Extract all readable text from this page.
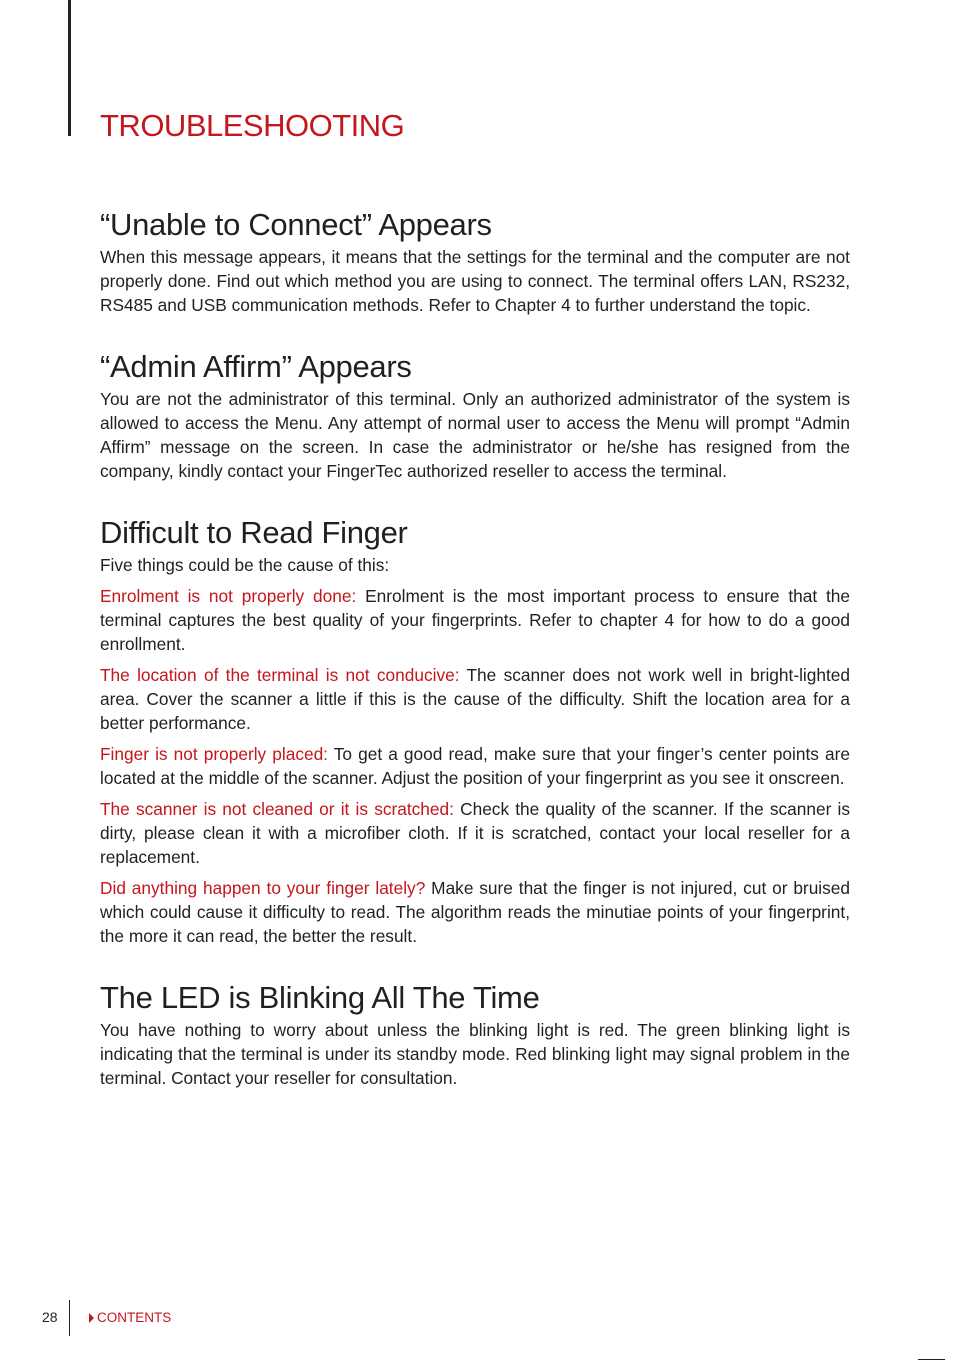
TROUBLESHOOTING
“Unable to Connect” Appears

When this message appears, it means that the settings for the terminal and the computer are not properly done. Find out which method you are using to connect. The terminal offers LAN, RS232, RS485 and USB communication methods. Refer to Chapter 4 to further understand the topic.

“Admin Affirm” Appears

You are not the administrator of this terminal. Only an authorized administrator of the system is allowed to access the Menu. Any attempt of normal user to access the Menu will prompt “Admin Affirm” message on the screen. In case the administrator or he/she has resigned from the company, kindly contact your FingerTec authorized reseller to access the terminal.

Difficult to Read Finger

Five things could be the cause of this:

Enrolment is not properly done: Enrolment is the most important process to ensure that the terminal captures the best quality of your fingerprints. Refer to chapter 4 for how to do a good enrollment.

The location of the terminal is not conducive: The scanner does not work well in bright-lighted area. Cover the scanner a little if this is the cause of the difficulty. Shift the location area for a better performance.

Finger is not properly placed: To get a good read, make sure that your finger’s center points are located at the middle of the scanner. Adjust the position of your fingerprint as you see it onscreen.

The scanner is not cleaned or it is scratched: Check the quality of the scanner. If the scanner is dirty, please clean it with a microfiber cloth. If it is scratched, contact your local reseller for a replacement.

Did anything happen to your finger lately? Make sure that the finger is not injured, cut or bruised which could cause it difficulty to read. The algorithm reads the minutiae points of your fingerprint, the more it can read, the better the result.

The LED is Blinking All The Time

You have nothing to worry about unless the blinking light is red. The green blinking light is indicating that the terminal is under its standby mode. Red blinking light may signal problem in the terminal. Contact your reseller for consultation.

28	CONTENTS
